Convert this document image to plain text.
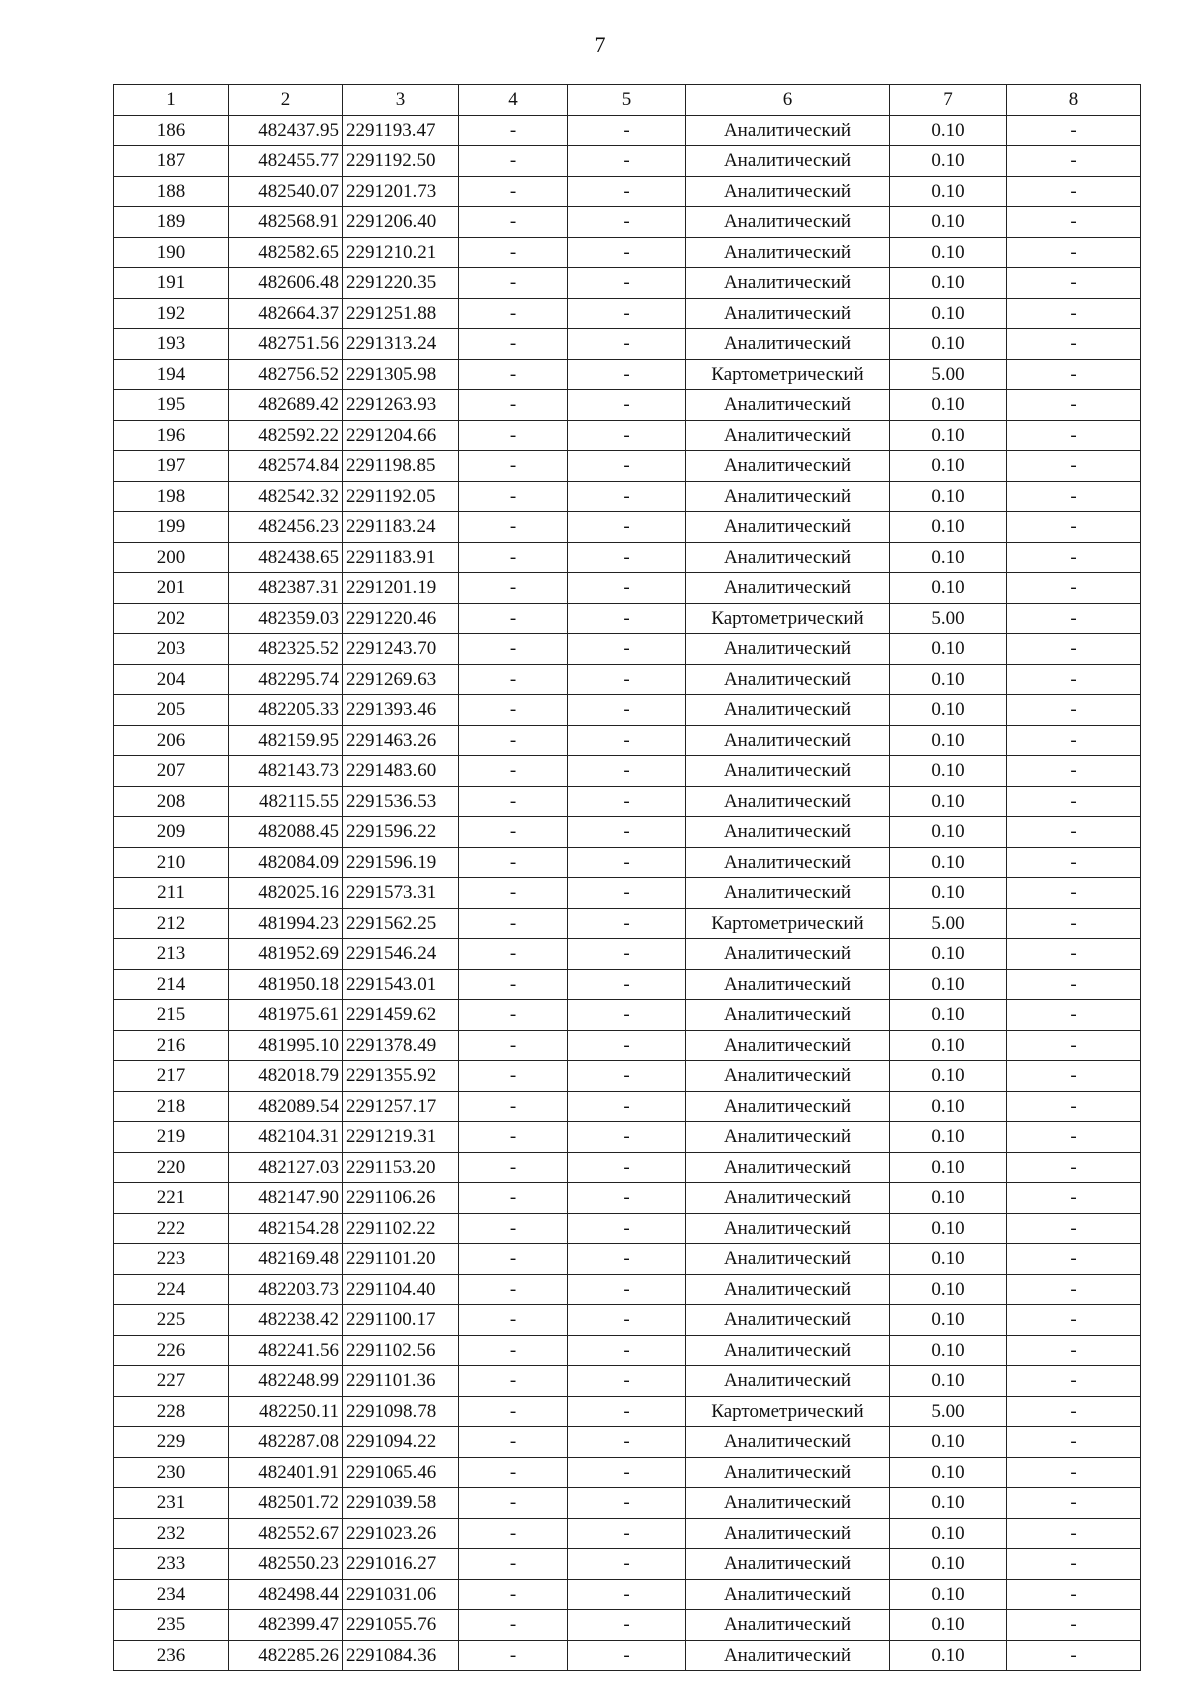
7
1	2	3	4	5	6	7	8
186	482437.95	2291193.47	-	-	Аналитический	0.10	-
187	482455.77	2291192.50	-	-	Аналитический	0.10	-
188	482540.07	2291201.73	-	-	Аналитический	0.10	-
189	482568.91	2291206.40	-	-	Аналитический	0.10	-
190	482582.65	2291210.21	-	-	Аналитический	0.10	-
191	482606.48	2291220.35	-	-	Аналитический	0.10	-
192	482664.37	2291251.88	-	-	Аналитический	0.10	-
193	482751.56	2291313.24	-	-	Аналитический	0.10	-
194	482756.52	2291305.98	-	-	Картометрический	5.00	-
195	482689.42	2291263.93	-	-	Аналитический	0.10	-
196	482592.22	2291204.66	-	-	Аналитический	0.10	-
197	482574.84	2291198.85	-	-	Аналитический	0.10	-
198	482542.32	2291192.05	-	-	Аналитический	0.10	-
199	482456.23	2291183.24	-	-	Аналитический	0.10	-
200	482438.65	2291183.91	-	-	Аналитический	0.10	-
201	482387.31	2291201.19	-	-	Аналитический	0.10	-
202	482359.03	2291220.46	-	-	Картометрический	5.00	-
203	482325.52	2291243.70	-	-	Аналитический	0.10	-
204	482295.74	2291269.63	-	-	Аналитический	0.10	-
205	482205.33	2291393.46	-	-	Аналитический	0.10	-
206	482159.95	2291463.26	-	-	Аналитический	0.10	-
207	482143.73	2291483.60	-	-	Аналитический	0.10	-
208	482115.55	2291536.53	-	-	Аналитический	0.10	-
209	482088.45	2291596.22	-	-	Аналитический	0.10	-
210	482084.09	2291596.19	-	-	Аналитический	0.10	-
211	482025.16	2291573.31	-	-	Аналитический	0.10	-
212	481994.23	2291562.25	-	-	Картометрический	5.00	-
213	481952.69	2291546.24	-	-	Аналитический	0.10	-
214	481950.18	2291543.01	-	-	Аналитический	0.10	-
215	481975.61	2291459.62	-	-	Аналитический	0.10	-
216	481995.10	2291378.49	-	-	Аналитический	0.10	-
217	482018.79	2291355.92	-	-	Аналитический	0.10	-
218	482089.54	2291257.17	-	-	Аналитический	0.10	-
219	482104.31	2291219.31	-	-	Аналитический	0.10	-
220	482127.03	2291153.20	-	-	Аналитический	0.10	-
221	482147.90	2291106.26	-	-	Аналитический	0.10	-
222	482154.28	2291102.22	-	-	Аналитический	0.10	-
223	482169.48	2291101.20	-	-	Аналитический	0.10	-
224	482203.73	2291104.40	-	-	Аналитический	0.10	-
225	482238.42	2291100.17	-	-	Аналитический	0.10	-
226	482241.56	2291102.56	-	-	Аналитический	0.10	-
227	482248.99	2291101.36	-	-	Аналитический	0.10	-
228	482250.11	2291098.78	-	-	Картометрический	5.00	-
229	482287.08	2291094.22	-	-	Аналитический	0.10	-
230	482401.91	2291065.46	-	-	Аналитический	0.10	-
231	482501.72	2291039.58	-	-	Аналитический	0.10	-
232	482552.67	2291023.26	-	-	Аналитический	0.10	-
233	482550.23	2291016.27	-	-	Аналитический	0.10	-
234	482498.44	2291031.06	-	-	Аналитический	0.10	-
235	482399.47	2291055.76	-	-	Аналитический	0.10	-
236	482285.26	2291084.36	-	-	Аналитический	0.10	-
